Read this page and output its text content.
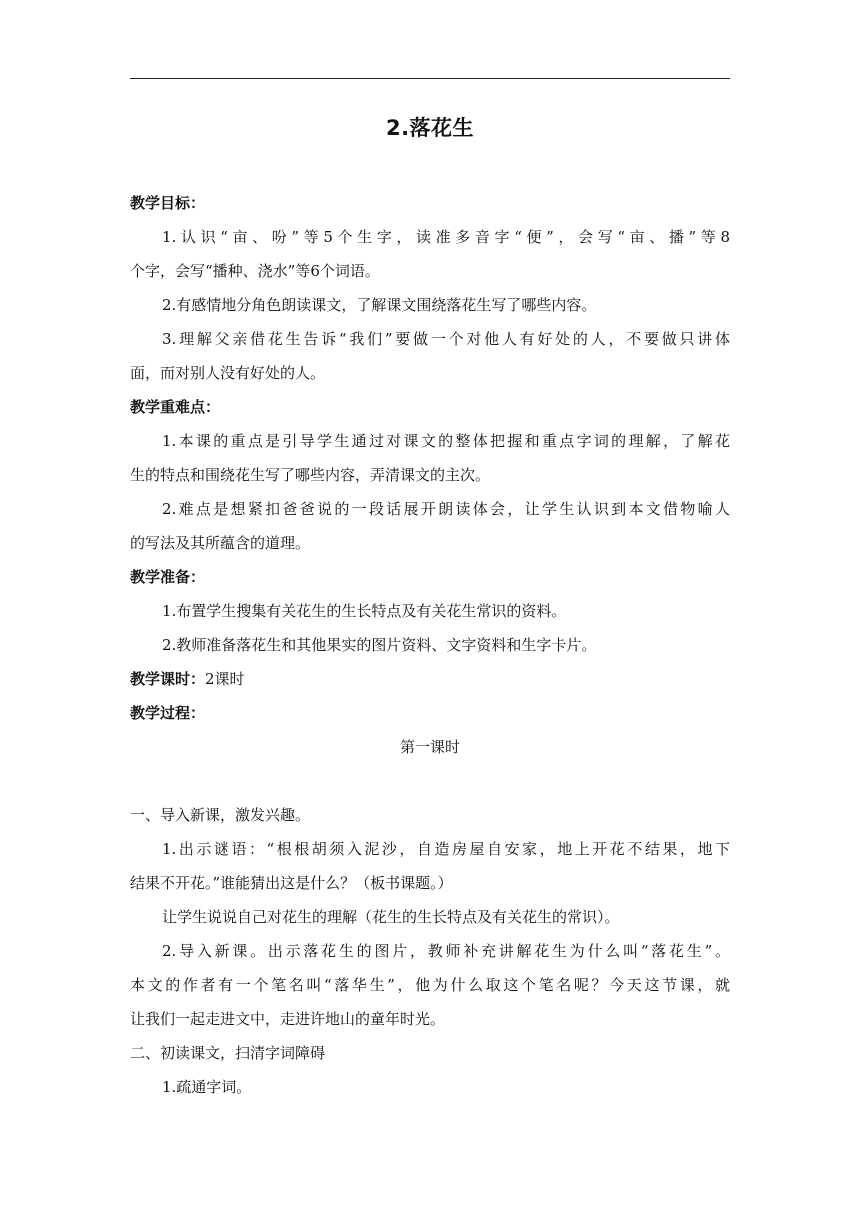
2.落花生
教学目标：
1.认识“亩、吩”等5个生字，读准多音字“便”，会写“亩、播”等8
个字，会写“播种、浇水”等6个词语。
2.有感情地分角色朗读课文，了解课文围绕落花生写了哪些内容。
3.理解父亲借花生告诉“我们”要做一个对他人有好处的人，不要做只讲体
面，而对别人没有好处的人。
教学重难点：
1.本课的重点是引导学生通过对课文的整体把握和重点字词的理解，了解花
生的特点和围绕花生写了哪些内容，弄清课文的主次。
2.难点是想紧扣爸爸说的一段话展开朗读体会，让学生认识到本文借物喻人
的写法及其所蕴含的道理。
教学准备：
1.布置学生搜集有关花生的生长特点及有关花生常识的资料。
2.教师准备落花生和其他果实的图片资料、文字资料和生字卡片。
教学课时：2课时
教学过程：
第一课时
一、导入新课，激发兴趣。
1.出示谜语：“根根胡须入泥沙，自造房屋自安家，地上开花不结果，地下
结果不开花。”谁能猜出这是什么？（板书课题。）
让学生说说自己对花生的理解（花生的生长特点及有关花生的常识）。
2.导入新课。出示落花生的图片，教师补充讲解花生为什么叫“落花生”。
本文的作者有一个笔名叫“落华生”，他为什么取这个笔名呢？今天这节课，就
让我们一起走进文中，走进许地山的童年时光。
二、初读课文，扫清字词障碍
1.疏通字词。
